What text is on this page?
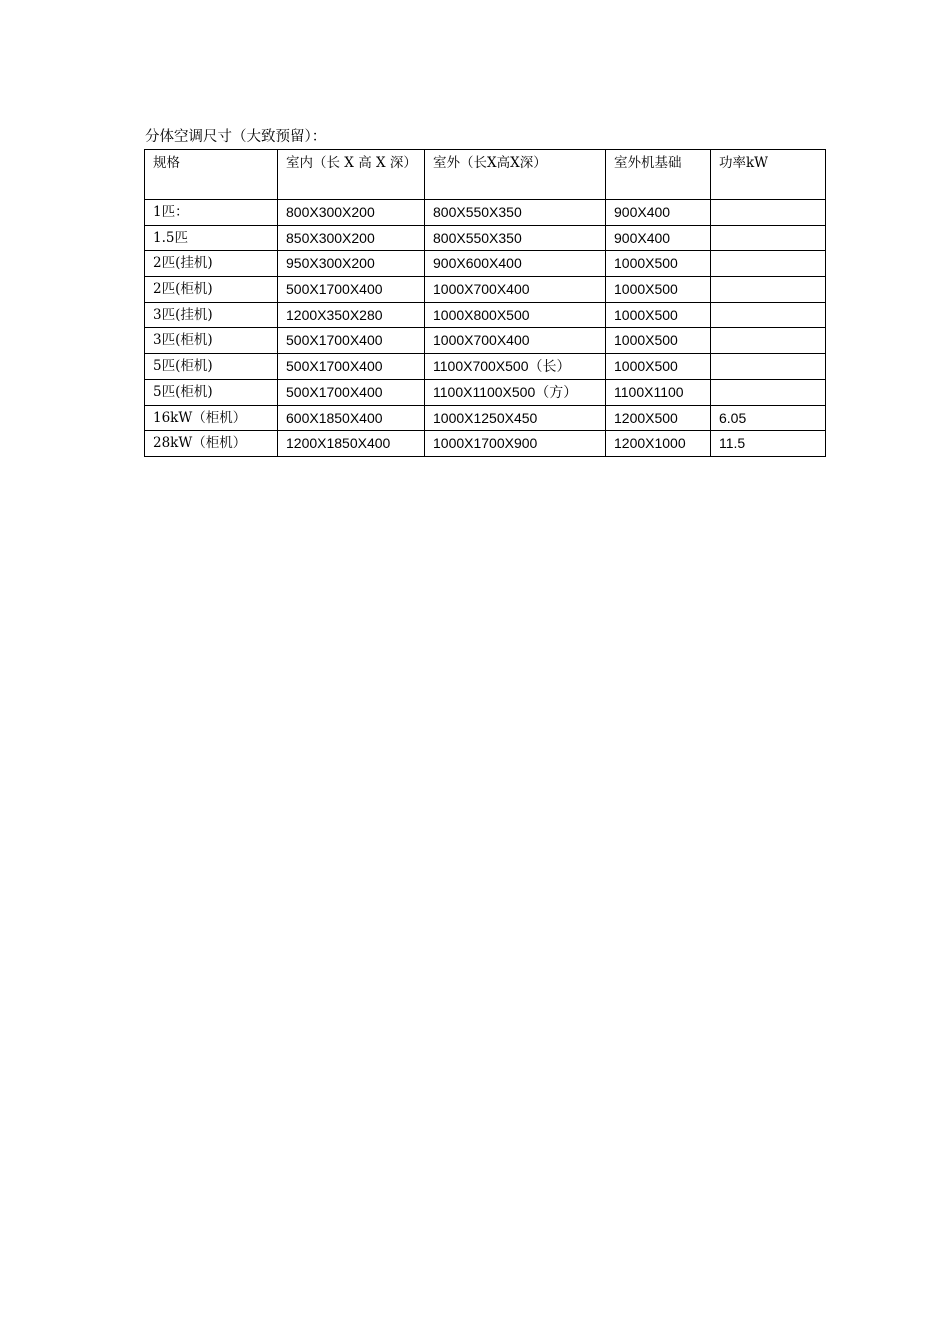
分体空调尺寸（大致预留）：
规格	室内（长 X 高 X 深）	室外（长X高X深）	室外机基础	功率kW
1匹：	800X300X200	800X550X350	900X400	
1.5匹	850X300X200	800X550X350	900X400	
2匹(挂机)	950X300X200	900X600X400	1000X500	
2匹(柜机)	500X1700X400	1000X700X400	1000X500	
3匹(挂机)	1200X350X280	1000X800X500	1000X500	
3匹(柜机)	500X1700X400	1000X700X400	1000X500	
5匹(柜机)	500X1700X400	1100X700X500（长）	1000X500	
5匹(柜机)	500X1700X400	1100X1100X500（方）	1100X1100	
16kW（柜机）	600X1850X400	1000X1250X450	1200X500	6.05
28kW（柜机）	1200X1850X400	1000X1700X900	1200X1000	11.5
